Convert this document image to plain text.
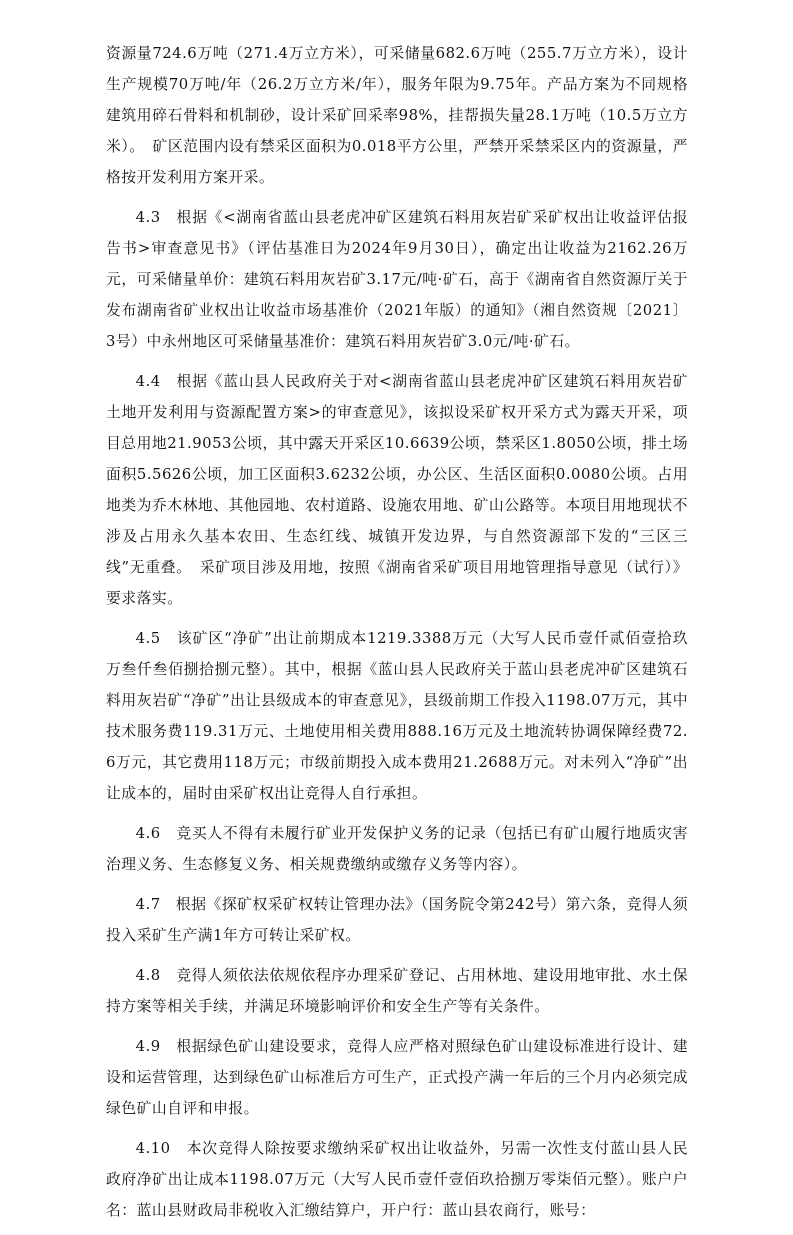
资源量724.6万吨（271.4万立方米），可采储量682.6万吨（255.7万立方米），设计生产规模70万吨/年（26.2万立方米/年），服务年限为9.75年。产品方案为不同规格建筑用碎石骨料和机制砂，设计采矿回采率98%，挂帮损失量28.1万吨（10.5万立方米）。　矿区范围内设有禁采区面积为0.018平方公里，严禁开采禁采区内的资源量，严格按开发利用方案开采。

4.3　根据《<湖南省蓝山县老虎冲矿区建筑石料用灰岩矿采矿权出让收益评估报告书>审查意见书》（评估基准日为2024年9月30日），确定出让收益为2162.26万元，可采储量单价：建筑石料用灰岩矿3.17元/吨·矿石，高于《湖南省自然资源厅关于发布湖南省矿业权出让收益市场基准价（2021年版）的通知》（湘自然资规〔2021〕3号）中永州地区可采储量基准价：建筑石料用灰岩矿3.0元/吨·矿石。

4.4　根据《蓝山县人民政府关于对<湖南省蓝山县老虎冲矿区建筑石料用灰岩矿土地开发利用与资源配置方案>的审查意见》，该拟设采矿权开采方式为露天开采，项目总用地21.9053公顷，其中露天开采区10.6639公顷，禁采区1.8050公顷，排土场面积5.5626公顷，加工区面积3.6232公顷，办公区、生活区面积0.0080公顷。占用地类为乔木林地、其他园地、农村道路、设施农用地、矿山公路等。本项目用地现状不涉及占用永久基本农田、生态红线、城镇开发边界，与自然资源部下发的“三区三线”无重叠。　采矿项目涉及用地，按照《湖南省采矿项目用地管理指导意见（试行）》要求落实。

4.5　该矿区“净矿”出让前期成本1219.3388万元（大写人民币壹仟贰佰壹拾玖万叁仟叁佰捌拾捌元整）。其中，根据《蓝山县人民政府关于蓝山县老虎冲矿区建筑石料用灰岩矿“净矿”出让县级成本的审查意见》，县级前期工作投入1198.07万元，其中技术服务费119.31万元、土地使用相关费用888.16万元及土地流转协调保障经费72.6万元，其它费用118万元；市级前期投入成本费用21.2688万元。对未列入“净矿”出让成本的，届时由采矿权出让竞得人自行承担。

4.6　竞买人不得有未履行矿业开发保护义务的记录（包括已有矿山履行地质灾害治理义务、生态修复义务、相关规费缴纳或缴存义务等内容）。

4.7　根据《探矿权采矿权转让管理办法》（国务院令第242号）第六条，竞得人须投入采矿生产满1年方可转让采矿权。

4.8　竞得人须依法依规依程序办理采矿登记、占用林地、建设用地审批、水土保持方案等相关手续，并满足环境影响评价和安全生产等有关条件。

4.9　根据绿色矿山建设要求，竞得人应严格对照绿色矿山建设标准进行设计、建设和运营管理，达到绿色矿山标准后方可生产，正式投产满一年后的三个月内必须完成绿色矿山自评和申报。

4.10　本次竞得人除按要求缴纳采矿权出让收益外，另需一次性支付蓝山县人民政府净矿出让成本1198.07万元（大写人民币壹仟壹佰玖拾捌万零柒佰元整）。账户户名：蓝山县财政局非税收入汇缴结算户，开户行：蓝山县农商行，账号：
